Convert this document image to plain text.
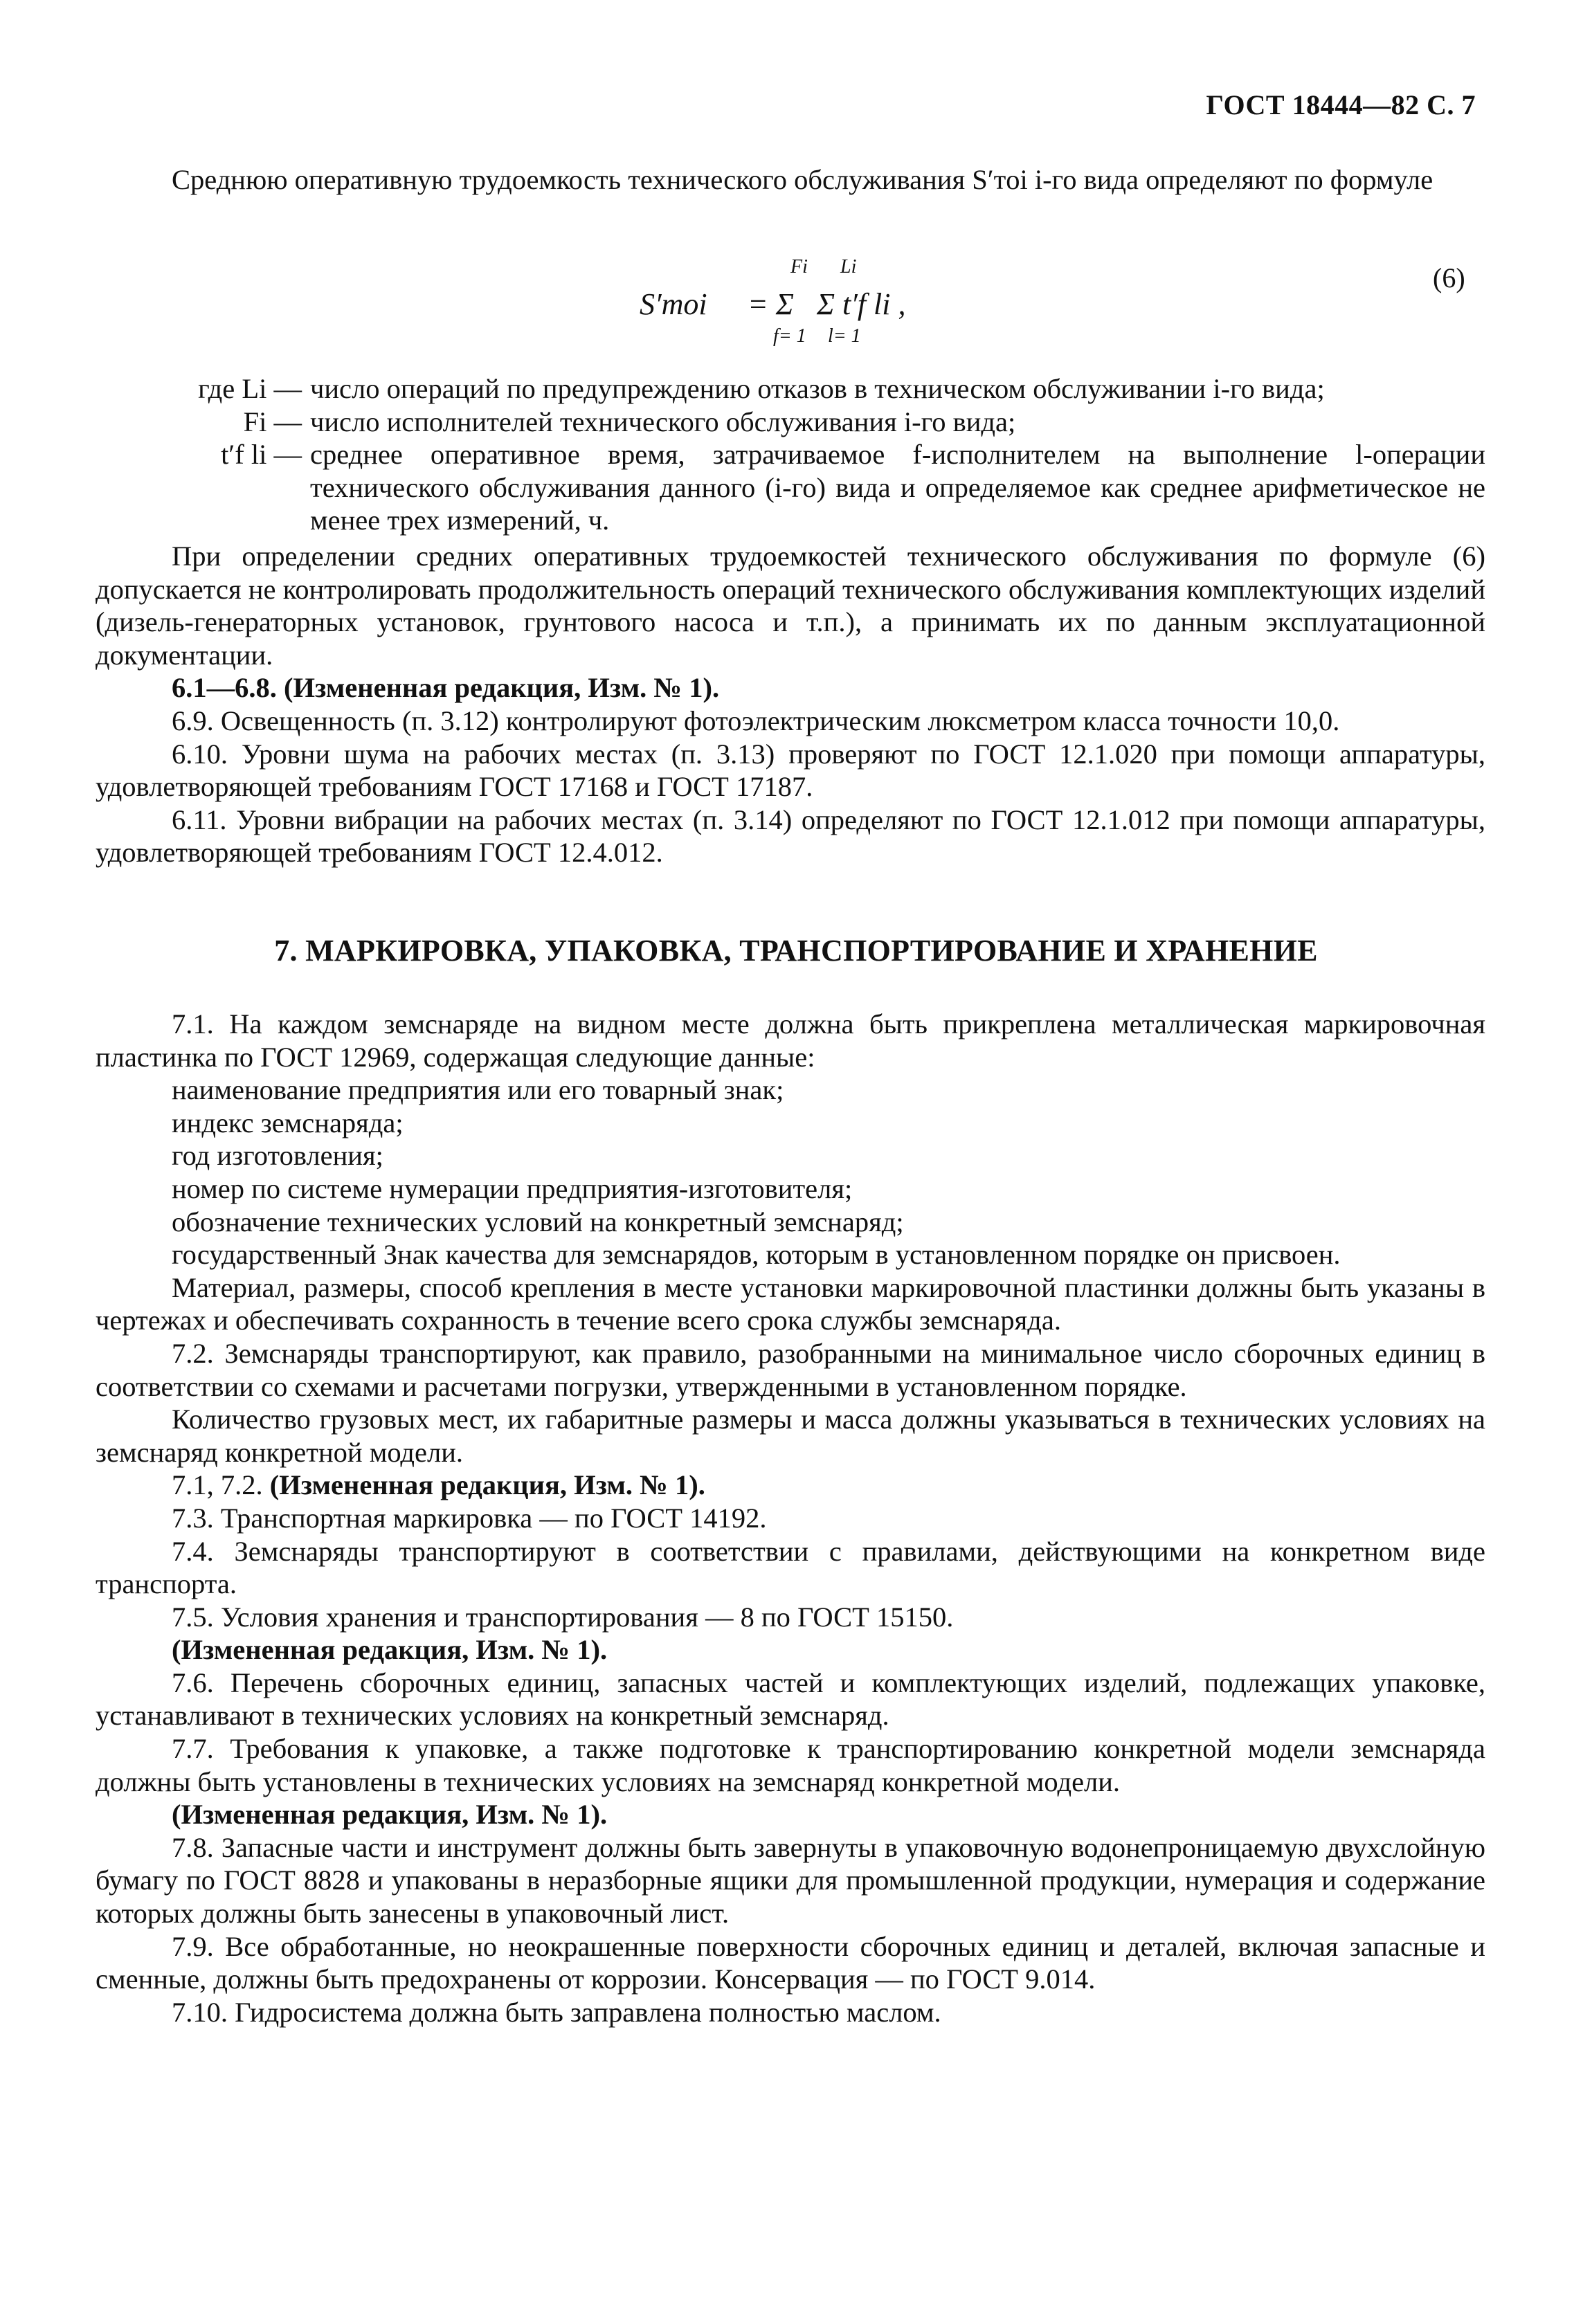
ГОСТ 18444—82 С. 7

Среднюю оперативную трудоемкость технического обслуживания S′тoi i-го вида определяют по формуле

Fi Li
S′тoi = Σ   Σ t′f li ,
f= 1 l= 1
(6)
где Li — число операций по предупреждению отказов в техническом обслуживании i-го вида;
Fi — число исполнителей технического обслуживания i-го вида;
t′f li — среднее оперативное время, затрачиваемое f-исполнителем на выполнение l-операции технического обслуживания данного (i-го) вида и определяемое как среднее арифметическое не менее трех измерений, ч.

При определении средних оперативных трудоемкостей технического обслуживания по формуле (6) допускается не контролировать продолжительность операций технического обслуживания комплектующих изделий (дизель-генераторных установок, грунтового насоса и т.п.), а принимать их по данным эксплуатационной документации.

6.1—6.8. (Измененная редакция, Изм. № 1).

6.9. Освещенность (п. 3.12) контролируют фотоэлектрическим люксметром класса точности 10,0.

6.10. Уровни шума на рабочих местах (п. 3.13) проверяют по ГОСТ 12.1.020 при помощи аппаратуры, удовлетворяющей требованиям ГОСТ 17168 и ГОСТ 17187.

6.11. Уровни вибрации на рабочих местах (п. 3.14) определяют по ГОСТ 12.1.012 при помощи аппаратуры, удовлетворяющей требованиям ГОСТ 12.4.012.

7. МАРКИРОВКА, УПАКОВКА, ТРАНСПОРТИРОВАНИЕ И ХРАНЕНИЕ

7.1. На каждом земснаряде на видном месте должна быть прикреплена металлическая маркировочная пластинка по ГОСТ 12969, содержащая следующие данные:

наименование предприятия или его товарный знак;

индекс земснаряда;

год изготовления;

номер по системе нумерации предприятия-изготовителя;

обозначение технических условий на конкретный земснаряд;

государственный Знак качества для земснарядов, которым в установленном порядке он присвоен.

Материал, размеры, способ крепления в месте установки маркировочной пластинки должны быть указаны в чертежах и обеспечивать сохранность в течение всего срока службы земснаряда.

7.2. Земснаряды транспортируют, как правило, разобранными на минимальное число сборочных единиц в соответствии со схемами и расчетами погрузки, утвержденными в установленном порядке.

Количество грузовых мест, их габаритные размеры и масса должны указываться в технических условиях на земснаряд конкретной модели.

7.1, 7.2. (Измененная редакция, Изм. № 1).

7.3. Транспортная маркировка — по ГОСТ 14192.

7.4. Земснаряды транспортируют в соответствии с правилами, действующими на конкретном виде транспорта.

7.5. Условия хранения и транспортирования — 8 по ГОСТ 15150.

(Измененная редакция, Изм. № 1).

7.6. Перечень сборочных единиц, запасных частей и комплектующих изделий, подлежащих упаковке, устанавливают в технических условиях на конкретный земснаряд.

7.7. Требования к упаковке, а также подготовке к транспортированию конкретной модели земснаряда должны быть установлены в технических условиях на земснаряд конкретной модели.

(Измененная редакция, Изм. № 1).

7.8. Запасные части и инструмент должны быть завернуты в упаковочную водонепроницаемую двухслойную бумагу по ГОСТ 8828 и упакованы в неразборные ящики для промышленной продукции, нумерация и содержание которых должны быть занесены в упаковочный лист.

7.9. Все обработанные, но неокрашенные поверхности сборочных единиц и деталей, включая запасные и сменные, должны быть предохранены от коррозии. Консервация — по ГОСТ 9.014.

7.10. Гидросистема должна быть заправлена полностью маслом.
